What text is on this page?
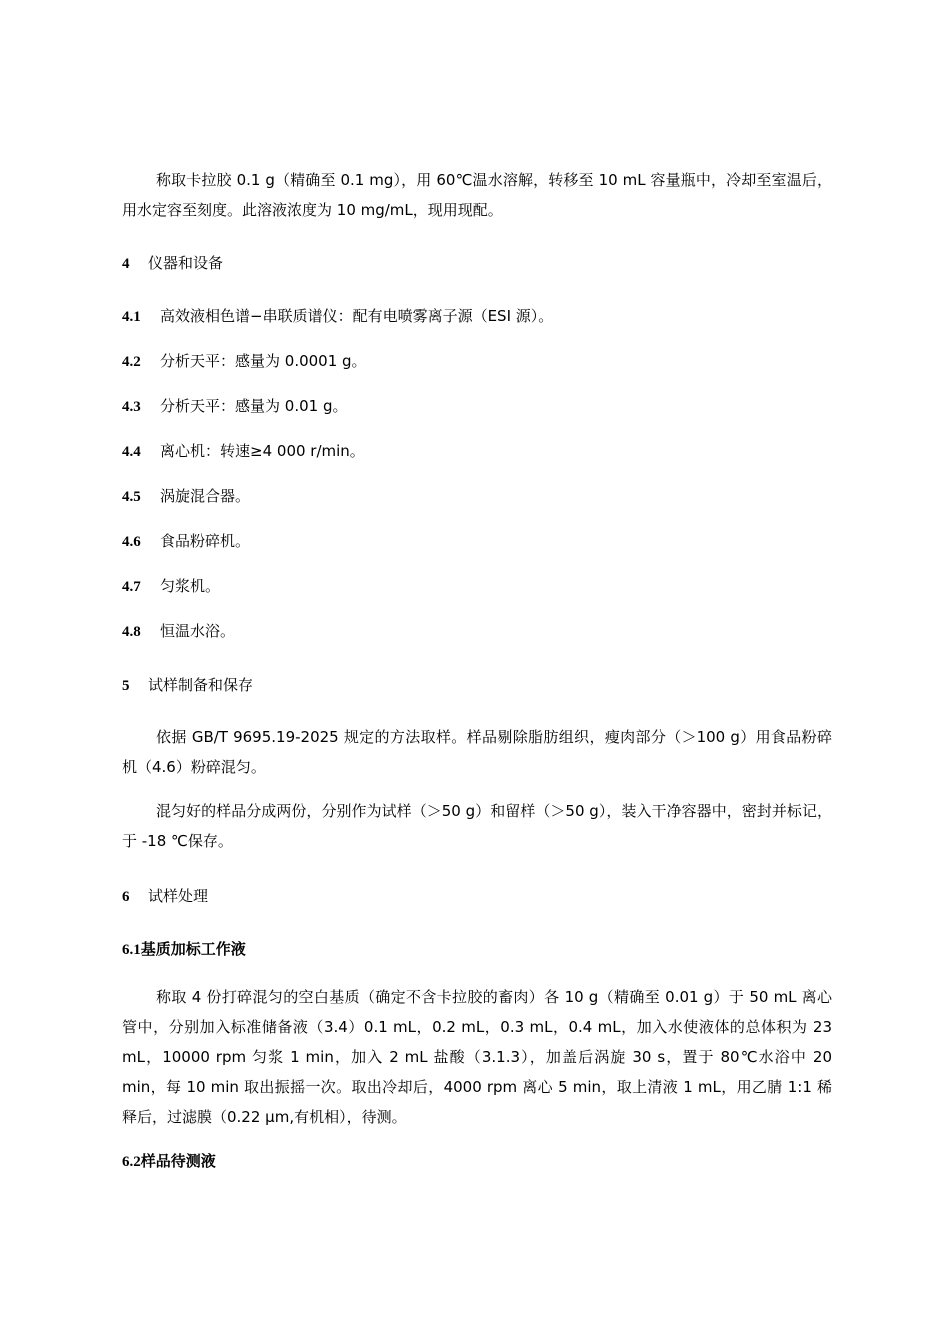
称取卡拉胶 0.1 g（精确至 0.1 mg），用 60℃温水溶解，转移至 10 mL 容量瓶中，冷却至室温后，用水定容至刻度。此溶液浓度为 10 mg/mL，现用现配。

4 仪器和设备
4.1 高效液相色谱−串联质谱仪：配有电喷雾离子源（ESI 源）。
4.2 分析天平：感量为 0.0001 g。
4.3 分析天平：感量为 0.01 g。
4.4 离心机：转速≥4 000 r/min。
4.5 涡旋混合器。
4.6 食品粉碎机。
4.7 匀浆机。
4.8 恒温水浴。
5 试样制备和保存

依据 GB/T 9695.19-2025 规定的方法取样。样品剔除脂肪组织，瘦肉部分（＞100 g）用食品粉碎机（4.6）粉碎混匀。

混匀好的样品分成两份，分别作为试样（＞50 g）和留样（＞50 g），装入干净容器中，密封并标记，于 -18 ℃保存。

6 试样处理
6.1基质加标工作液

称取 4 份打碎混匀的空白基质（确定不含卡拉胶的畜肉）各 10 g（精确至 0.01 g）于 50 mL 离心管中，分别加入标准储备液（3.4）0.1 mL，0.2 mL，0.3 mL，0.4 mL，加入水使液体的总体积为 23 mL，10000 rpm 匀浆 1 min，加入 2 mL 盐酸（3.1.3），加盖后涡旋 30 s，置于 80℃水浴中 20 min，每 10 min 取出振摇一次。取出冷却后，4000 rpm 离心 5 min，取上清液 1 mL，用乙腈 1:1 稀释后，过滤膜（0.22 μm,有机相），待测。

6.2样品待测液
